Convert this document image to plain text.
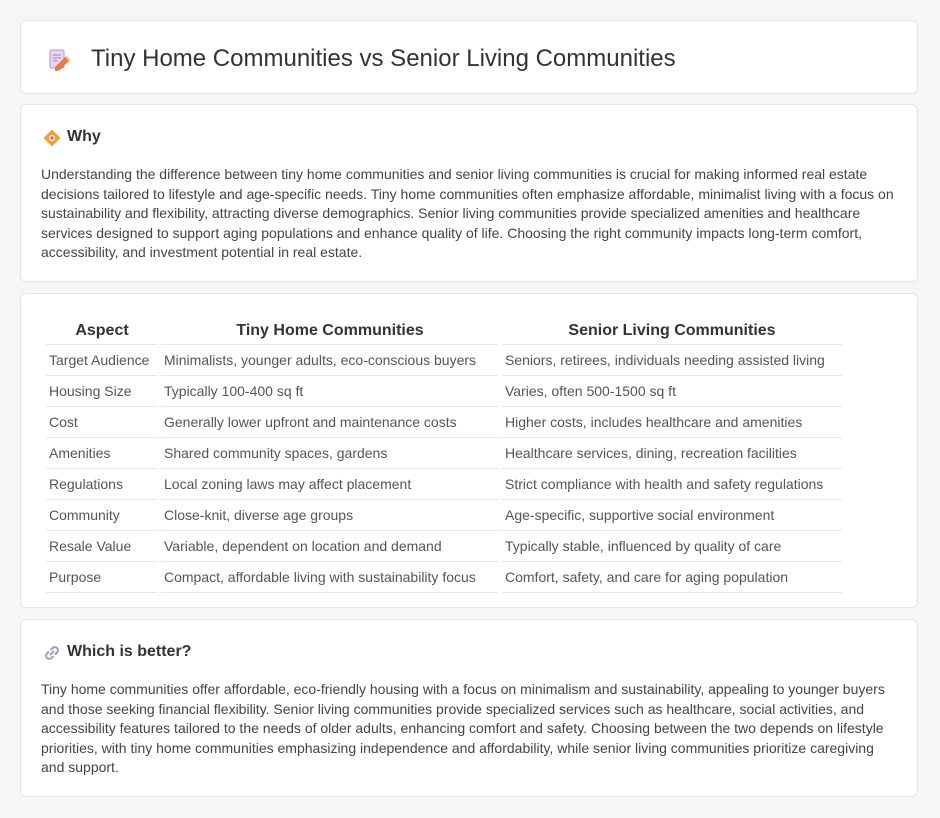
Tiny Home Communities vs Senior Living Communities
Why

Understanding the difference between tiny home communities and senior living communities is crucial for making informed real estate decisions tailored to lifestyle and age-specific needs. Tiny home communities often emphasize affordable, minimalist living with a focus on sustainability and flexibility, attracting diverse demographics. Senior living communities provide specialized amenities and healthcare services designed to support aging populations and enhance quality of life. Choosing the right community impacts long-term comfort, accessibility, and investment potential in real estate.

Aspect	Tiny Home Communities	Senior Living Communities
Target Audience	Minimalists, younger adults, eco-conscious buyers	Seniors, retirees, individuals needing assisted living
Housing Size	Typically 100-400 sq ft	Varies, often 500-1500 sq ft
Cost	Generally lower upfront and maintenance costs	Higher costs, includes healthcare and amenities
Amenities	Shared community spaces, gardens	Healthcare services, dining, recreation facilities
Regulations	Local zoning laws may affect placement	Strict compliance with health and safety regulations
Community	Close-knit, diverse age groups	Age-specific, supportive social environment
Resale Value	Variable, dependent on location and demand	Typically stable, influenced by quality of care
Purpose	Compact, affordable living with sustainability focus	Comfort, safety, and care for aging population
Which is better?

Tiny home communities offer affordable, eco-friendly housing with a focus on minimalism and sustainability, appealing to younger buyers and those seeking financial flexibility. Senior living communities provide specialized services such as healthcare, social activities, and accessibility features tailored to the needs of older adults, enhancing comfort and safety. Choosing between the two depends on lifestyle priorities, with tiny home communities emphasizing independence and affordability, while senior living communities prioritize caregiving and support.
